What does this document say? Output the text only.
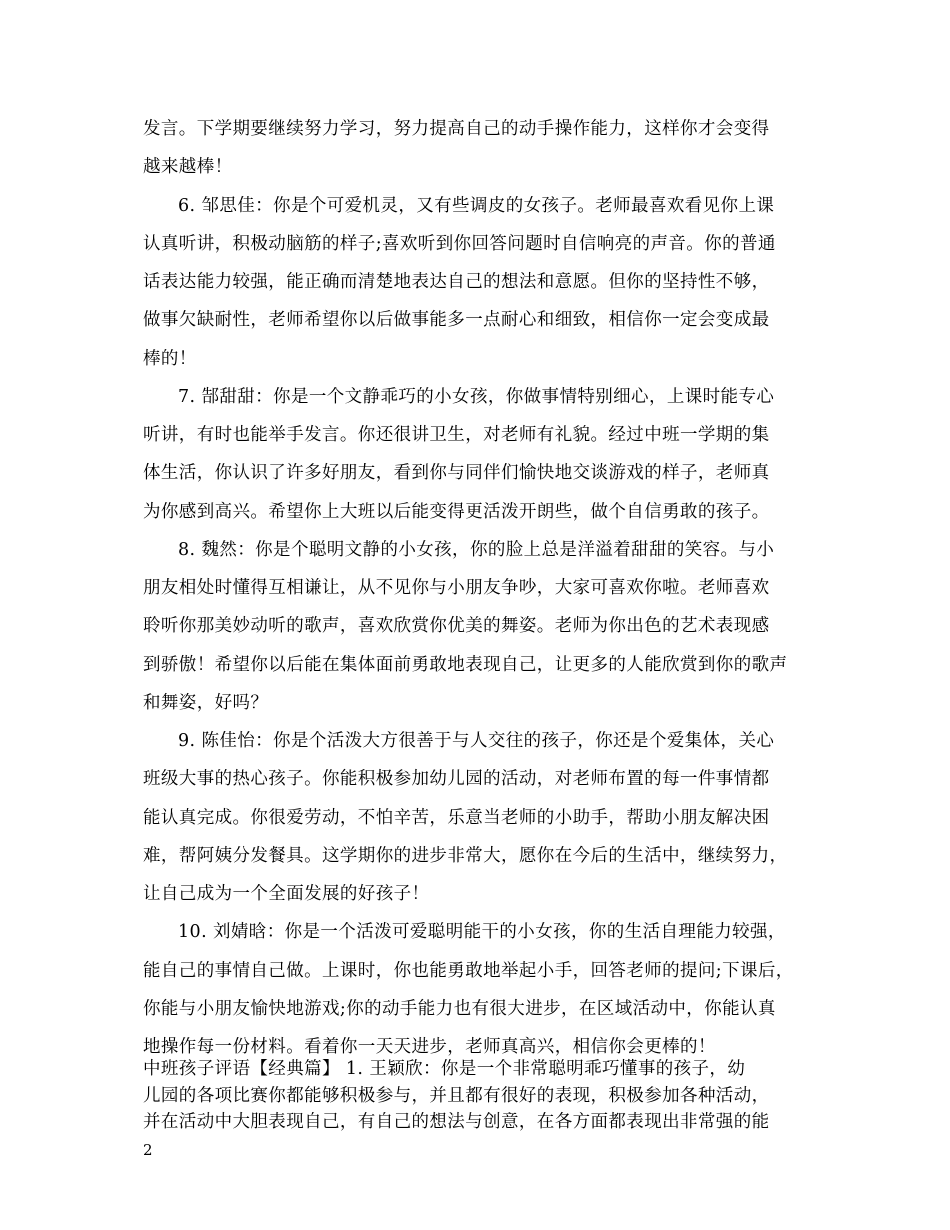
发言。下学期要继续努力学习，努力提高自己的动手操作能力，这样你才会变得
越来越棒！
6. 邹思佳：你是个可爱机灵，又有些调皮的女孩子。老师最喜欢看见你上课
认真听讲，积极动脑筋的样子;喜欢听到你回答问题时自信响亮的声音。你的普通
话表达能力较强，能正确而清楚地表达自己的想法和意愿。但你的坚持性不够，
做事欠缺耐性，老师希望你以后做事能多一点耐心和细致，相信你一定会变成最
棒的！
7. 郜甜甜：你是一个文静乖巧的小女孩，你做事情特别细心，上课时能专心
听讲，有时也能举手发言。你还很讲卫生，对老师有礼貌。经过中班一学期的集
体生活，你认识了许多好朋友，看到你与同伴们愉快地交谈游戏的样子，老师真
为你感到高兴。希望你上大班以后能变得更活泼开朗些，做个自信勇敢的孩子。
8. 魏然：你是个聪明文静的小女孩，你的脸上总是洋溢着甜甜的笑容。与小
朋友相处时懂得互相谦让，从不见你与小朋友争吵，大家可喜欢你啦。老师喜欢
聆听你那美妙动听的歌声，喜欢欣赏你优美的舞姿。老师为你出色的艺术表现感
到骄傲！希望你以后能在集体面前勇敢地表现自己，让更多的人能欣赏到你的歌声
和舞姿，好吗？
9. 陈佳怡：你是个活泼大方很善于与人交往的孩子，你还是个爱集体，关心
班级大事的热心孩子。你能积极参加幼儿园的活动，对老师布置的每一件事情都
能认真完成。你很爱劳动，不怕辛苦，乐意当老师的小助手，帮助小朋友解决困
难，帮阿姨分发餐具。这学期你的进步非常大，愿你在今后的生活中，继续努力，
让自己成为一个全面发展的好孩子！
10. 刘婧晗：你是一个活泼可爱聪明能干的小女孩，你的生活自理能力较强，
能自己的事情自己做。上课时，你也能勇敢地举起小手，回答老师的提问;下课后，
你能与小朋友愉快地游戏;你的动手能力也有很大进步，在区域活动中，你能认真
地操作每一份材料。看着你一天天进步，老师真高兴，相信你会更棒的！
中班孩子评语【经典篇】 1. 王颖欣：你是一个非常聪明乖巧懂事的孩子，幼
儿园的各项比赛你都能够积极参与，并且都有很好的表现，积极参加各种活动，
并在活动中大胆表现自己，有自己的想法与创意，在各方面都表现出非常强的能
2
